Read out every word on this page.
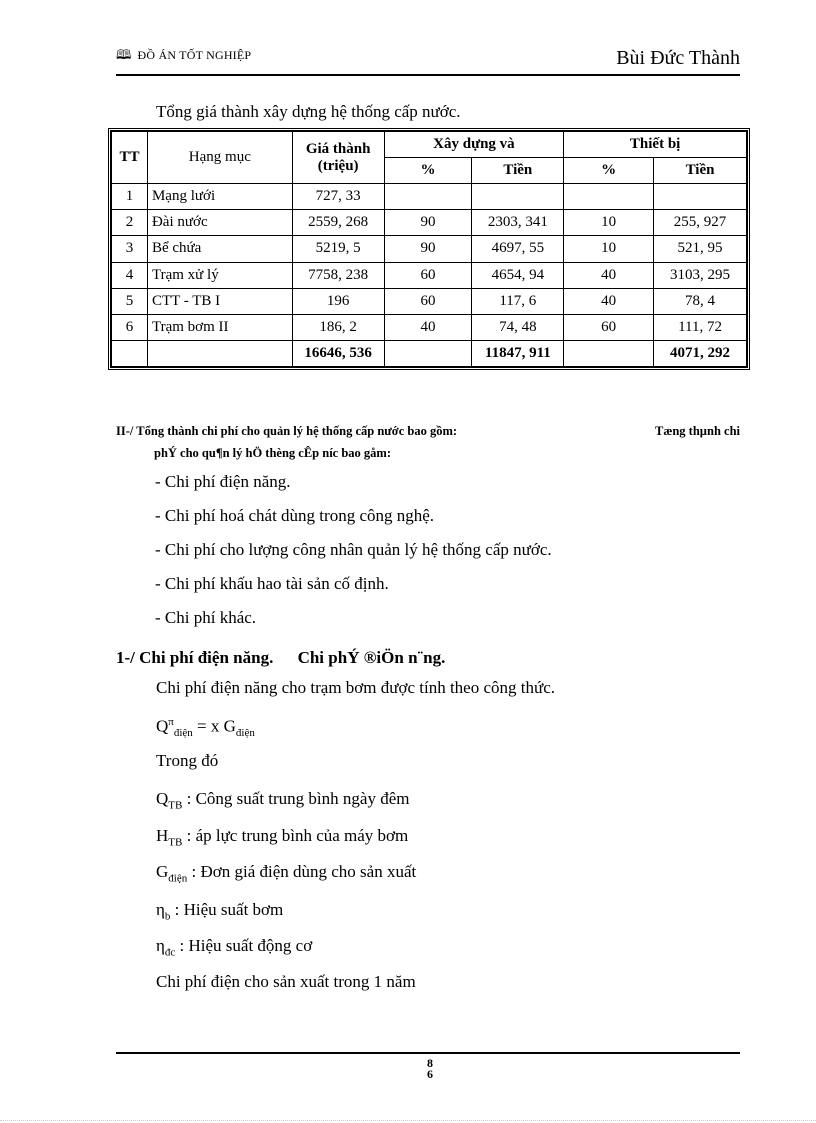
🕮 ĐỒ ÁN TỐT NGHIỆP	Bùi Đức Thành
Tổng giá thành xây dựng hệ thống cấp nước.
TT	Hạng mục	Giá thành (triệu)	Xây dựng và		Thiết bị	
			%	Tiền	%	Tiền
1	Mạng lưới	727, 33				
2	Đài nước	2559, 268	90	2303, 341	10	255, 927
3	Bể chứa	5219, 5	90	4697, 55	10	521, 95
4	Trạm xử lý	7758, 238	60	4654, 94	40	3103, 295
5	CTT - TB I	196	60	117, 6	40	78, 4
6	Trạm bơm II	186, 2	40	74, 48	60	111, 72
		16646, 536		11847, 911		4071, 292
II-/ Tổng thành chi phí cho quản lý hệ thống cấp nước bao gồm:	Tæng thµnh chi
phÝ cho qu¶n lý hÖ thèng cÊp níc bao gåm:
- Chi phí điện năng.
- Chi phí hoá chát dùng trong công nghệ.
- Chi phí cho lượng công nhân quản lý hệ thống cấp nước.
- Chi phí khấu hao tài sản cố định.
- Chi phí khác.
1-/ Chi phí điện năng. Chi phÝ ®iÖn n¨ng.
Chi phí điện năng cho trạm bơm được tính theo công thức.
$Q^\pi_{điện} = x$ $G_{điện}$
Trong đó
$Q_{TB}$ : Công suất trung bình ngày đêm
$H_{TB}$ : áp lực trung bình của máy bơm
$G_{điện}$ : Đơn giá điện dùng cho sản xuất
$\eta_b$ : Hiệu suất bơm
$\eta_{đc}$ : Hiệu suất động cơ
Chi phí điện cho sản xuất trong 1 năm
8
6
